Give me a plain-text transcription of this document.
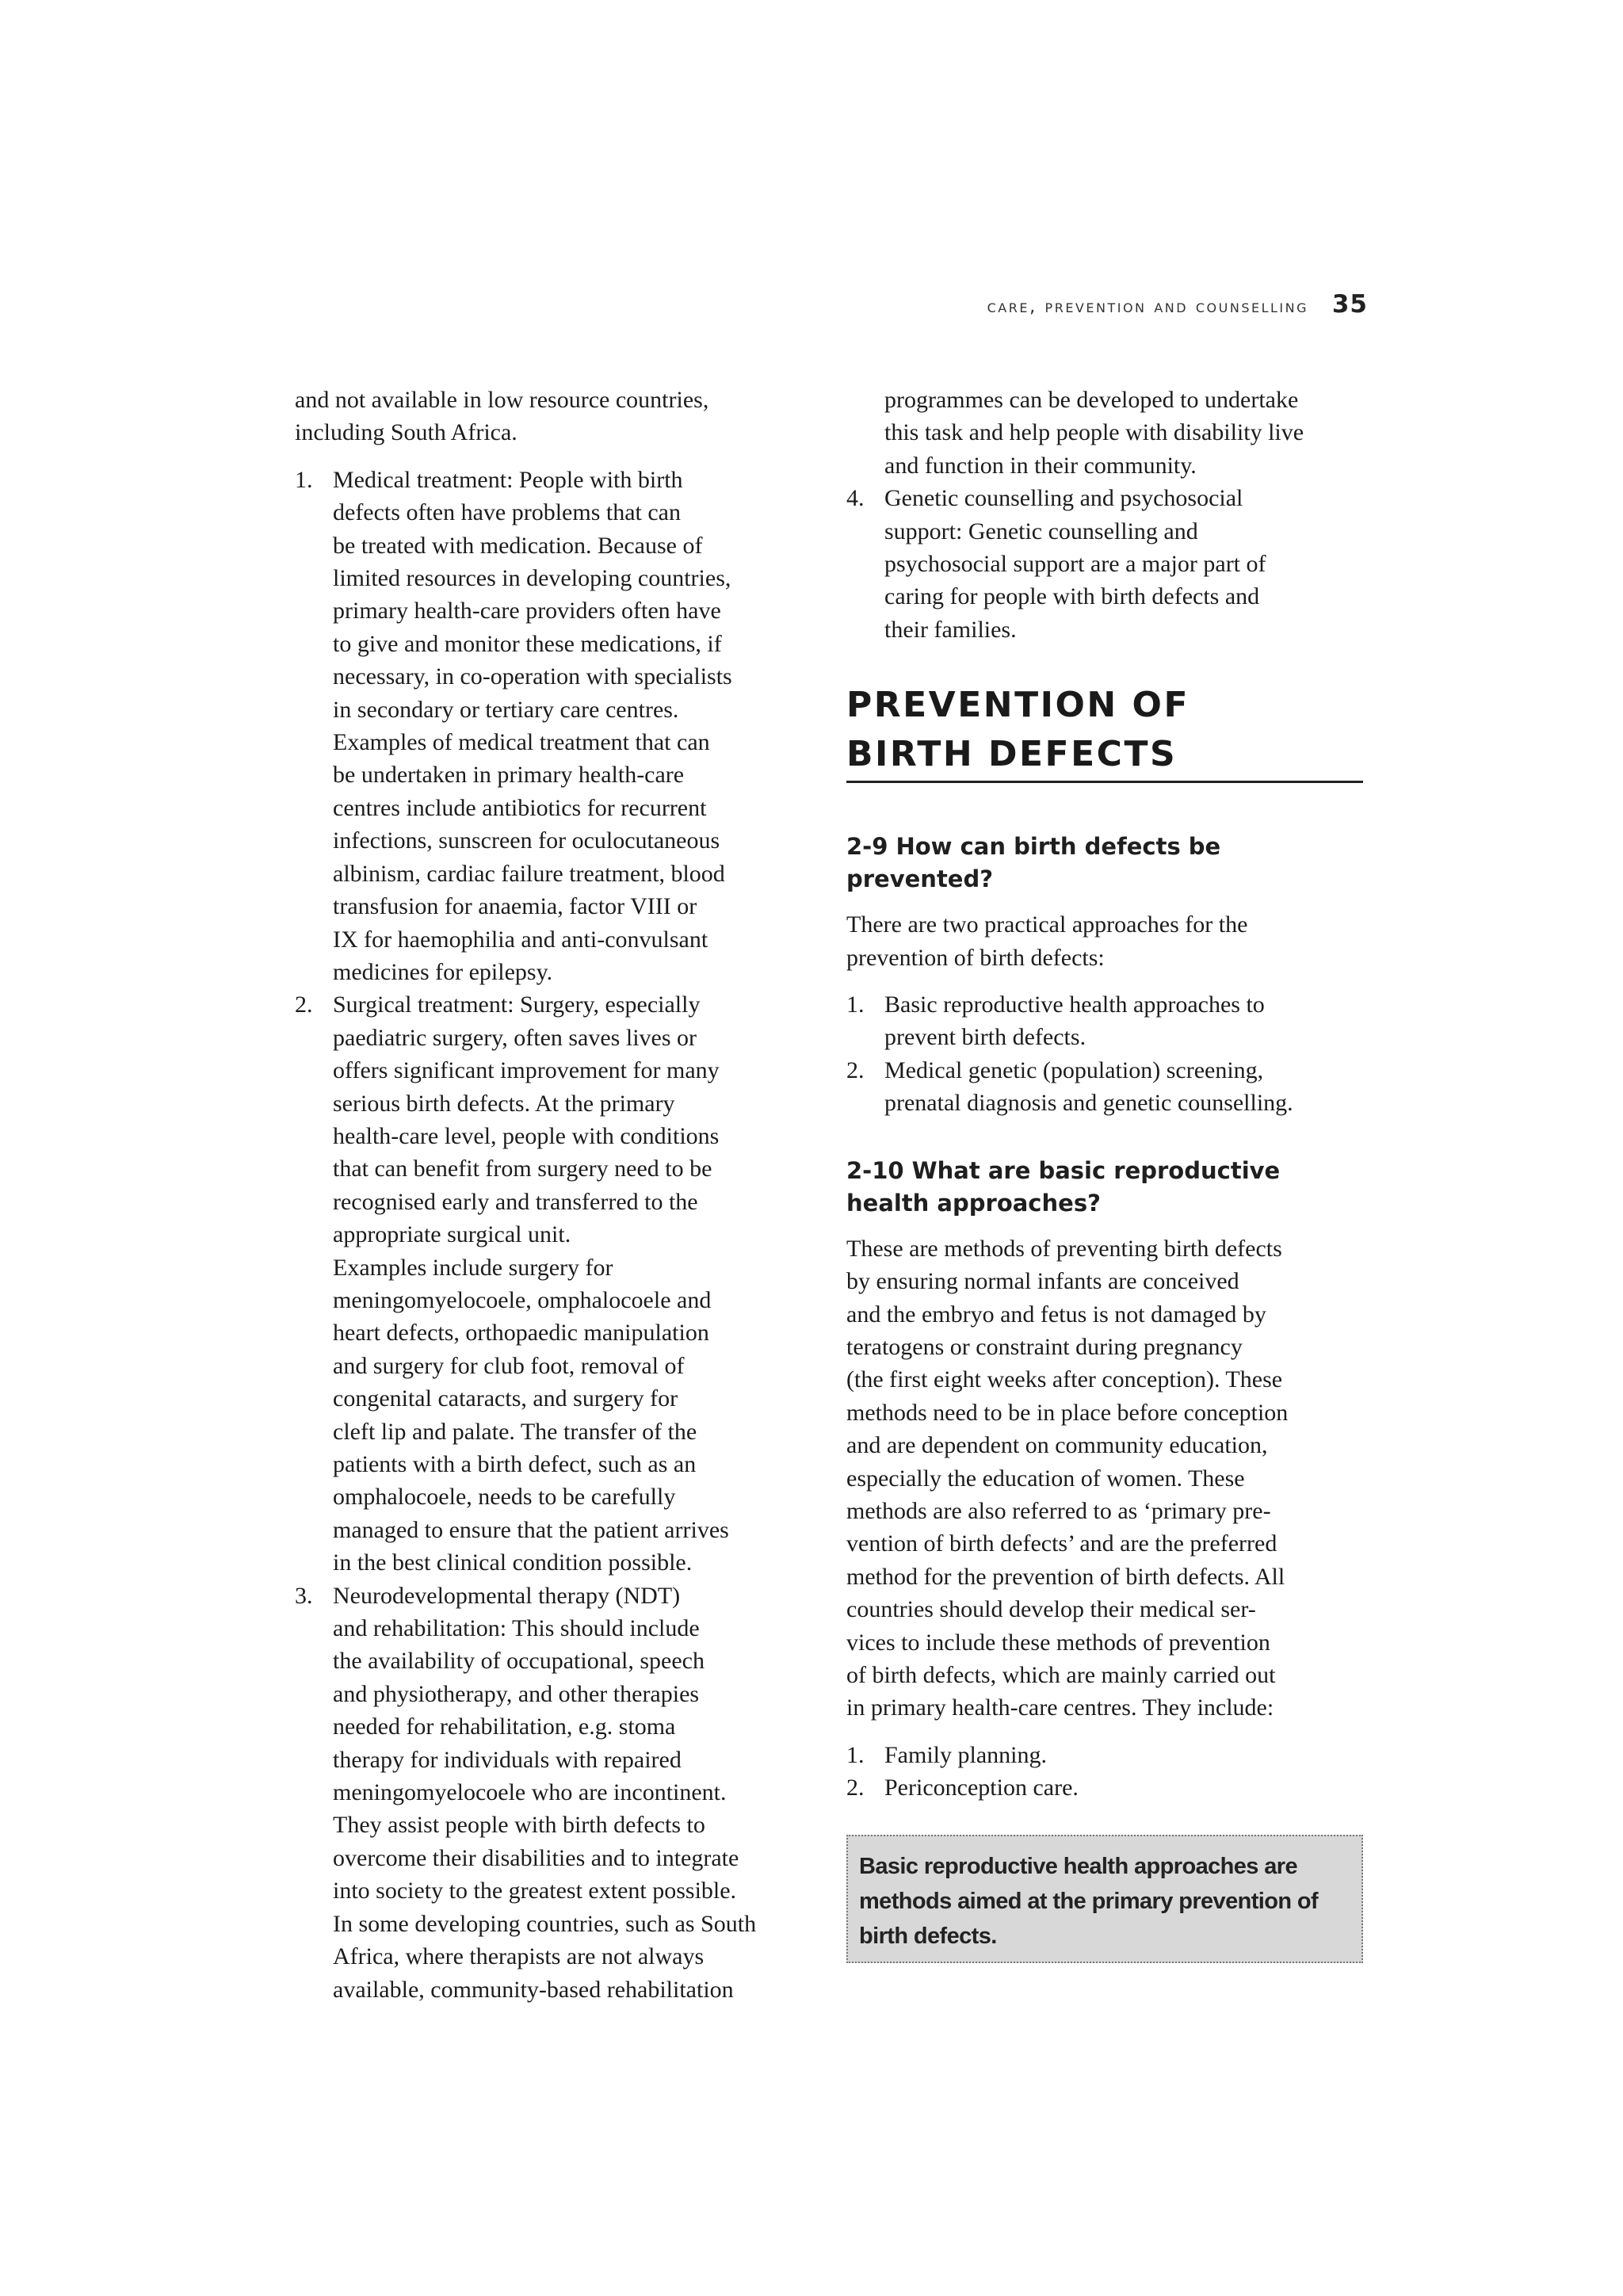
care, prevention and counselling 35

and not available in low resource countries,
including South Africa.

1. Medical treatment: People with birth
defects often have problems that can
be treated with medication. Because of
limited resources in developing countries,
primary health-care providers often have
to give and monitor these medications, if
necessary, in co-operation with specialists
in secondary or tertiary care centres.
Examples of medical treatment that can
be undertaken in primary health-care
centres include antibiotics for recurrent
infections, sunscreen for oculocutaneous
albinism, cardiac failure treatment, blood
transfusion for anaemia, factor VIII or
IX for haemophilia and anti-convulsant
medicines for epilepsy.
2. Surgical treatment: Surgery, especially
paediatric surgery, often saves lives or
offers significant improvement for many
serious birth defects. At the primary
health-care level, people with conditions
that can benefit from surgery need to be
recognised early and transferred to the
appropriate surgical unit.
Examples include surgery for
meningomyelocoele, omphalocoele and
heart defects, orthopaedic manipulation
and surgery for club foot, removal of
congenital cataracts, and surgery for
cleft lip and palate. The transfer of the
patients with a birth defect, such as an
omphalocoele, needs to be carefully
managed to ensure that the patient arrives
in the best clinical condition possible.
3. Neurodevelopmental therapy (NDT)
and rehabilitation: This should include
the availability of occupational, speech
and physiotherapy, and other therapies
needed for rehabilitation, e.g. stoma
therapy for individuals with repaired
meningomyelocoele who are incontinent.
They assist people with birth defects to
overcome their disabilities and to integrate
into society to the greatest extent possible.
In some developing countries, such as South
Africa, where therapists are not always
available, community-based rehabilitation
programmes can be developed to undertake
this task and help people with disability live
and function in their community.
4. Genetic counselling and psychosocial
support: Genetic counselling and
psychosocial support are a major part of
caring for people with birth defects and
their families.
PREVENTION OF
BIRTH DEFECTS
2-9 How can birth defects be prevented?

There are two practical approaches for the
prevention of birth defects:

1. Basic reproductive health approaches to
prevent birth defects.
2. Medical genetic (population) screening,
prenatal diagnosis and genetic counselling.
2-10 What are basic reproductive
health approaches?

These are methods of preventing birth defects
by ensuring normal infants are conceived
and the embryo and fetus is not damaged by
teratogens or constraint during pregnancy
(the first eight weeks after conception). These
methods need to be in place before conception
and are dependent on community education,
especially the education of women. These
methods are also referred to as ‘primary pre-
vention of birth defects’ and are the preferred
method for the prevention of birth defects. All
countries should develop their medical ser-
vices to include these methods of prevention
of birth defects, which are mainly carried out
in primary health-care centres. They include:

1. Family planning.
2. Periconception care.
Basic reproductive health approaches are
methods aimed at the primary prevention of
birth defects.
